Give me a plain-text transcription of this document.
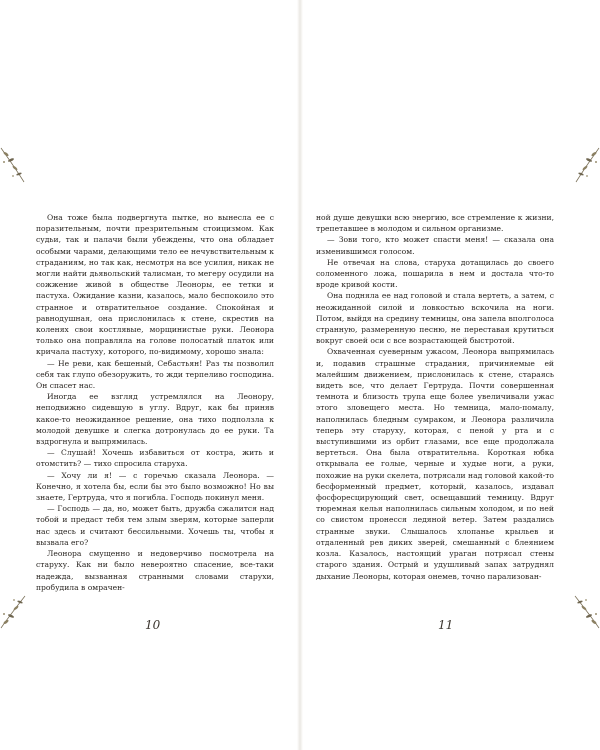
Она тоже была подвергнута пытке, но вынесла ее с поразительным, почти презрительным стоицизмом. Как судьи, так и палачи были убеждены, что она обладает особыми чарами, делающими тело ее нечувствительным к страданиям, но так как, несмотря на все усилия, никак не могли найти дьявольский талисман, то мегеру осудили на сожжение живой в обществе Леоноры, ее тетки и пастуха. Ожидание казни, казалось, мало беспокоило это странное и отвратительное создание. Спокойная и равнодушная, она прислонилась к стене, скрестив на коленях свои костлявые, морщинистые руки. Леонора только она поправляла на голове полосатый платок или кричала пастуху, которого, по-видимому, хорошо знала:

— Не реви, как бешеный, Себастьян! Раз ты позволил себя так глупо обезоружить, то жди терпеливо господина. Он спасет нас.

Иногда ее взгляд устремлялся на Леонору, неподвижно сидевшую в углу. Вдруг, как бы приняв какое-то неожиданное решение, она тихо подползла к молодой девушке и слегка дотронулась до ее руки. Та вздрогнула и выпрямилась.

— Слушай! Хочешь избавиться от костра, жить и отомстить? — тихо спросила старуха.

— Хочу ли я! — с горечью сказала Леонора. — Конечно, я хотела бы, если бы это было возможно! Но вы знаете, Гертруда, что я погибла. Господь покинул меня.

— Господь — да, но, может быть, дружба сжалится над тобой и предаст тебя тем злым зверям, которые заперли нас здесь и считают бессильными. Хочешь ты, чтобы я вызвала его?

Леонора смущенно и недоверчиво посмотрела на старуху. Как ни было невероятно спасение, все-таки надежда, вызванная странными словами старухи, пробудила в омрачен-

10

ной душе девушки всю энергию, все стремление к жизни, трепетавшее в молодом и сильном организме.

— Зови того, кто может спасти меня! — сказала она изменившимся голосом.

Не отвечая на слова, старуха дотащилась до своего соломенного ложа, пошарила в нем и достала что-то вроде кривой кости.

Она подняла ее над головой и стала вертеть, а затем, с неожиданной силой и ловкостью вскочила на ноги. Потом, выйдя на средину темницы, она запела вполголоса странную, размеренную песню, не переставая крутиться вокруг своей оси с все возрастающей быстротой.

Охваченная суеверным ужасом, Леонора выпрямилась и, подавив страшные страдания, причиняемые ей малейшим движением, прислонилась к стене, стараясь видеть все, что делает Гертруда. Почти совершенная темнота и близость трупа еще более увеличивали ужас этого зловещего места. Но темница, мало-помалу, наполнилась бледным сумраком, и Леонора различила теперь эту старуху, которая, с пеной у рта и с выступившими из орбит глазами, все еще продолжала вертеться. Она была отвратительна. Короткая юбка открывала ее голые, черные и худые ноги, а руки, похожие на руки скелета, потрясали над головой какой-то бесформенный предмет, который, казалось, издавал фосфоресцирующий свет, освещавший темницу. Вдруг тюремная келья наполнилась сильным холодом, и по ней со свистом пронесся ледяной ветер. Затем раздались странные звуки. Слышалось хлопанье крыльев и отдаленный рев диких зверей, смешанный с блеянием козла. Казалось, настоящий ураган потрясал стены старого здания. Острый и удушливый запах затруднял дыхание Леоноры, которая онемев, точно парализован-

11
